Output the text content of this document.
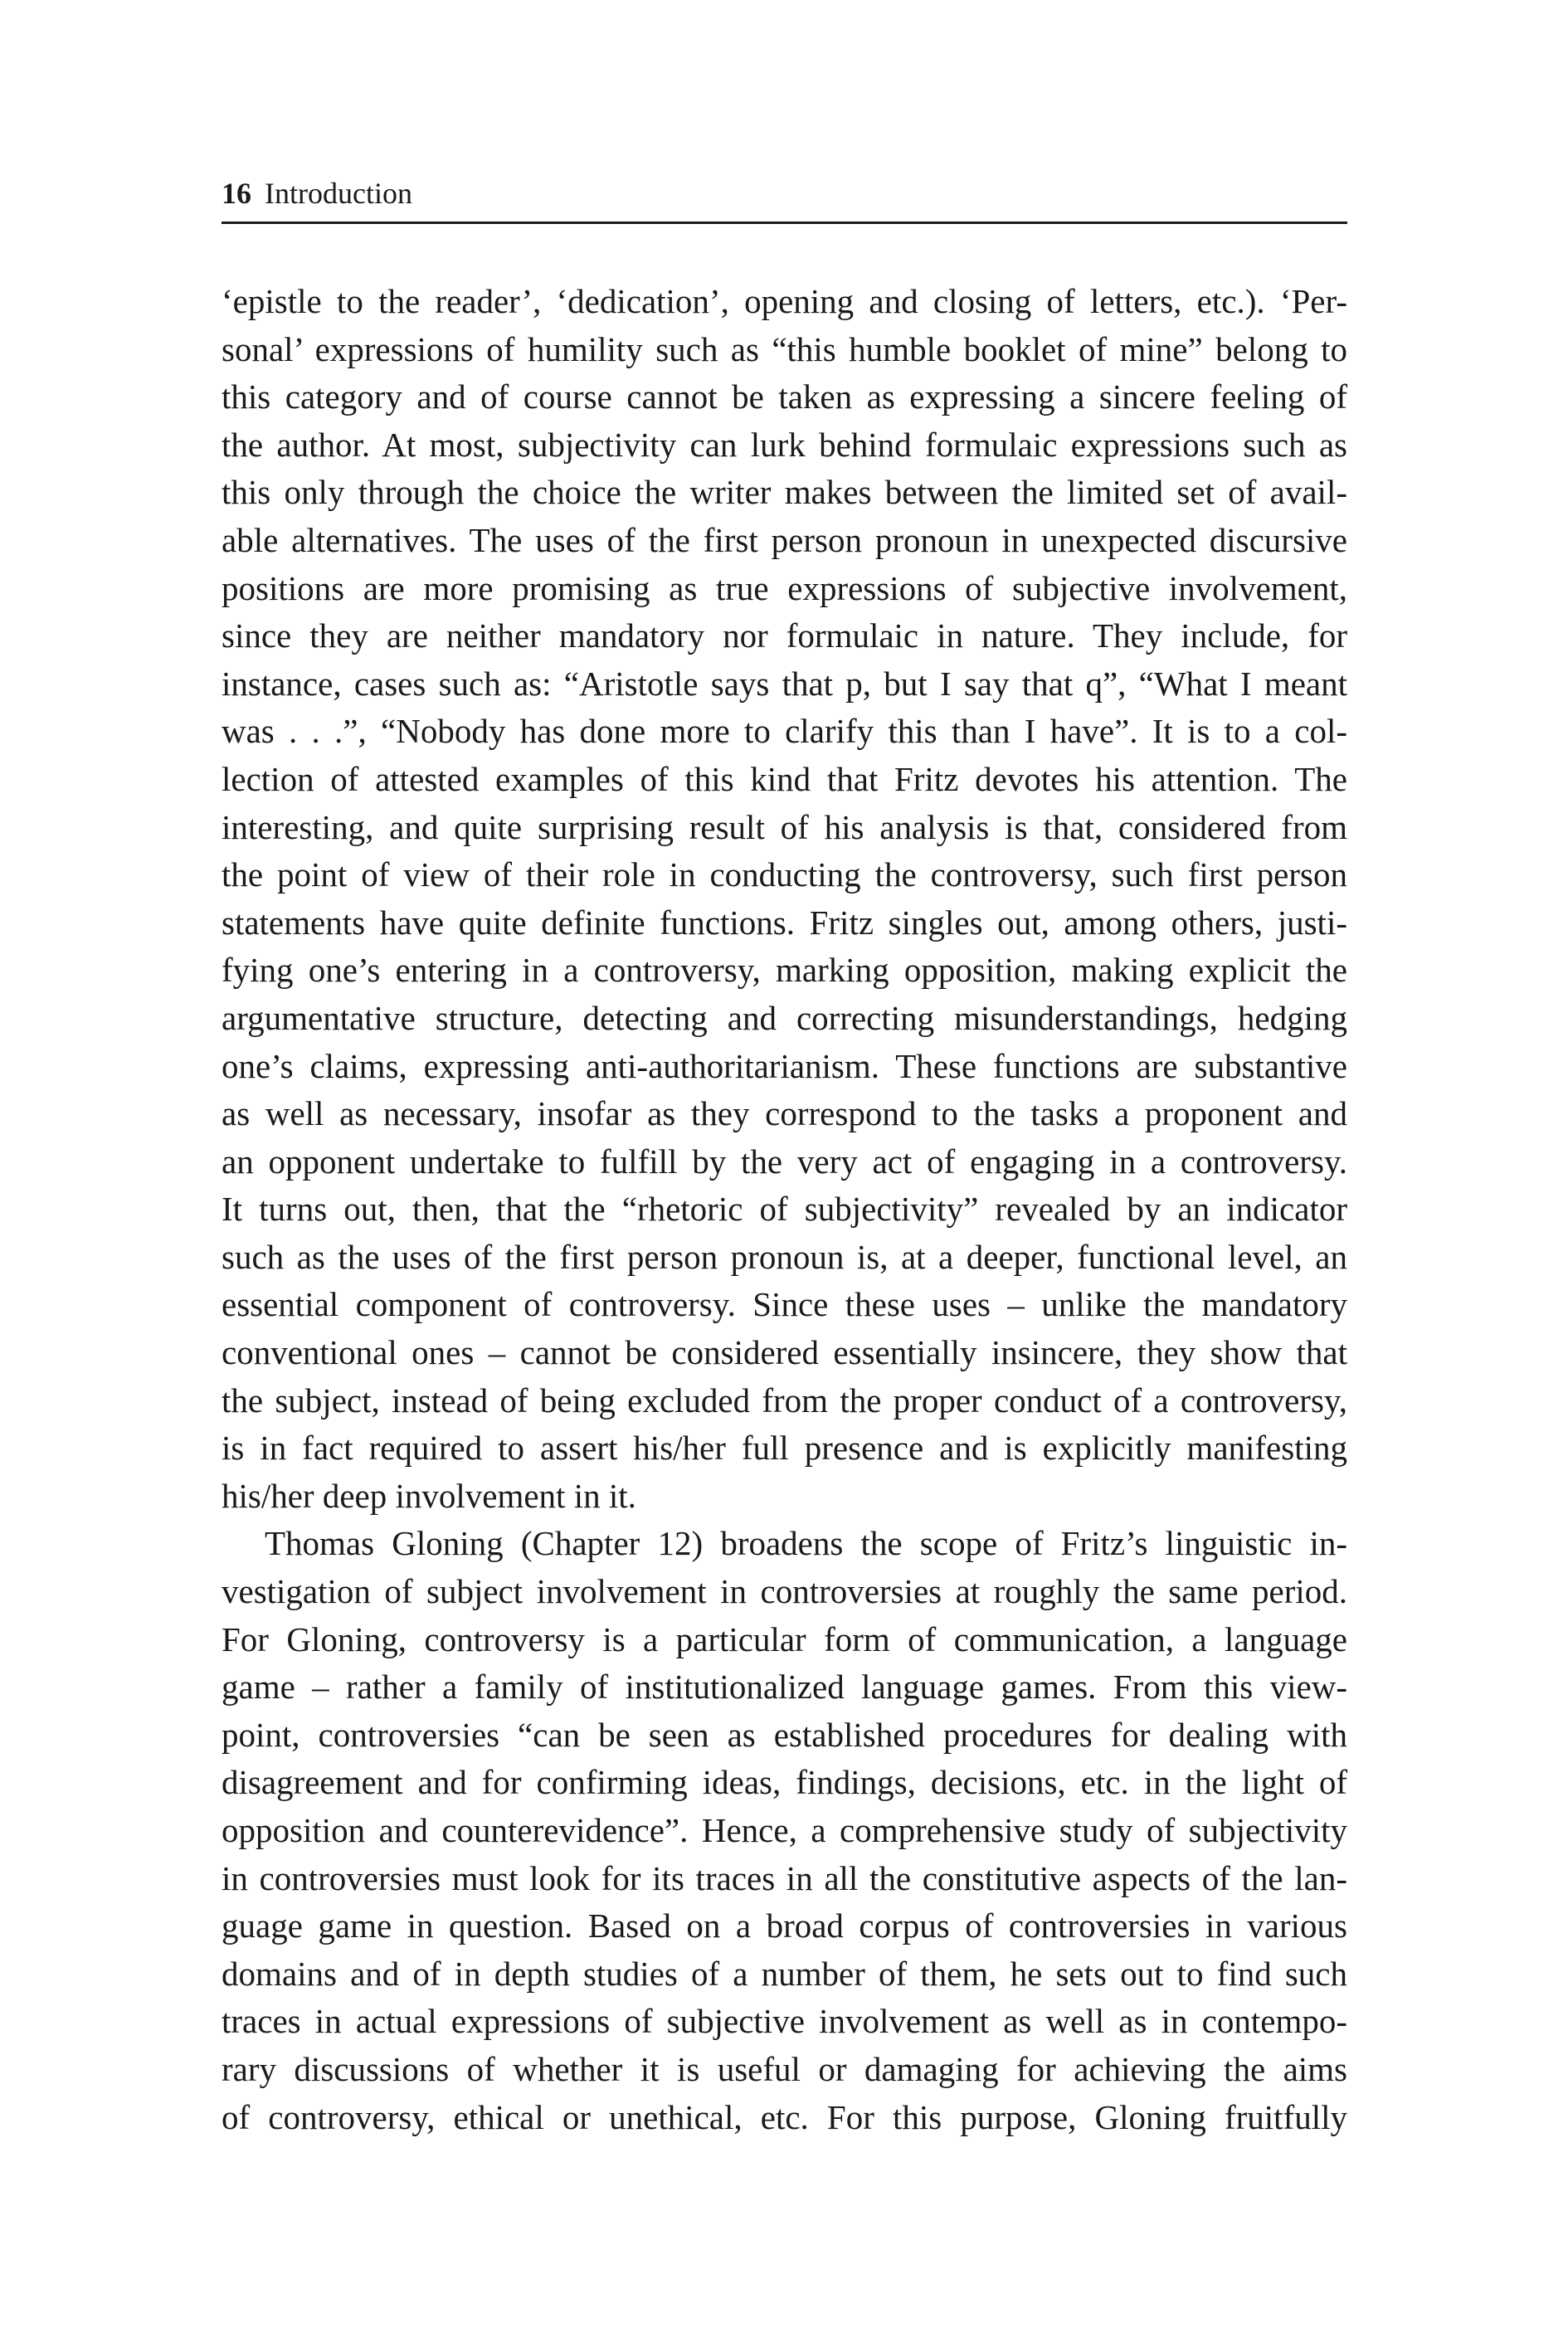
16 Introduction
‘epistle to the reader’, ‘dedication’, opening and closing of letters, etc.). ‘Per-
sonal’ expressions of humility such as “this humble booklet of mine” belong to
this category and of course cannot be taken as expressing a sincere feeling of
the author. At most, subjectivity can lurk behind formulaic expressions such as
this only through the choice the writer makes between the limited set of avail-
able alternatives. The uses of the first person pronoun in unexpected discursive
positions are more promising as true expressions of subjective involvement,
since they are neither mandatory nor formulaic in nature. They include, for
instance, cases such as: “Aristotle says that p, but I say that q”, “What I meant
was . . .”, “Nobody has done more to clarify this than I have”. It is to a col-
lection of attested examples of this kind that Fritz devotes his attention. The
interesting, and quite surprising result of his analysis is that, considered from
the point of view of their role in conducting the controversy, such first person
statements have quite definite functions. Fritz singles out, among others, justi-
fying one’s entering in a controversy, marking opposition, making explicit the
argumentative structure, detecting and correcting misunderstandings, hedging
one’s claims, expressing anti-authoritarianism. These functions are substantive
as well as necessary, insofar as they correspond to the tasks a proponent and
an opponent undertake to fulfill by the very act of engaging in a controversy.
It turns out, then, that the “rhetoric of subjectivity” revealed by an indicator
such as the uses of the first person pronoun is, at a deeper, functional level, an
essential component of controversy. Since these uses – unlike the mandatory
conventional ones – cannot be considered essentially insincere, they show that
the subject, instead of being excluded from the proper conduct of a controversy,
is in fact required to assert his/her full presence and is explicitly manifesting
his/her deep involvement in it.
Thomas Gloning (Chapter 12) broadens the scope of Fritz’s linguistic in-
vestigation of subject involvement in controversies at roughly the same period.
For Gloning, controversy is a particular form of communication, a language
game – rather a family of institutionalized language games. From this view-
point, controversies “can be seen as established procedures for dealing with
disagreement and for confirming ideas, findings, decisions, etc. in the light of
opposition and counterevidence”. Hence, a comprehensive study of subjectivity
in controversies must look for its traces in all the constitutive aspects of the lan-
guage game in question. Based on a broad corpus of controversies in various
domains and of in depth studies of a number of them, he sets out to find such
traces in actual expressions of subjective involvement as well as in contempo-
rary discussions of whether it is useful or damaging for achieving the aims
of controversy, ethical or unethical, etc. For this purpose, Gloning fruitfully
